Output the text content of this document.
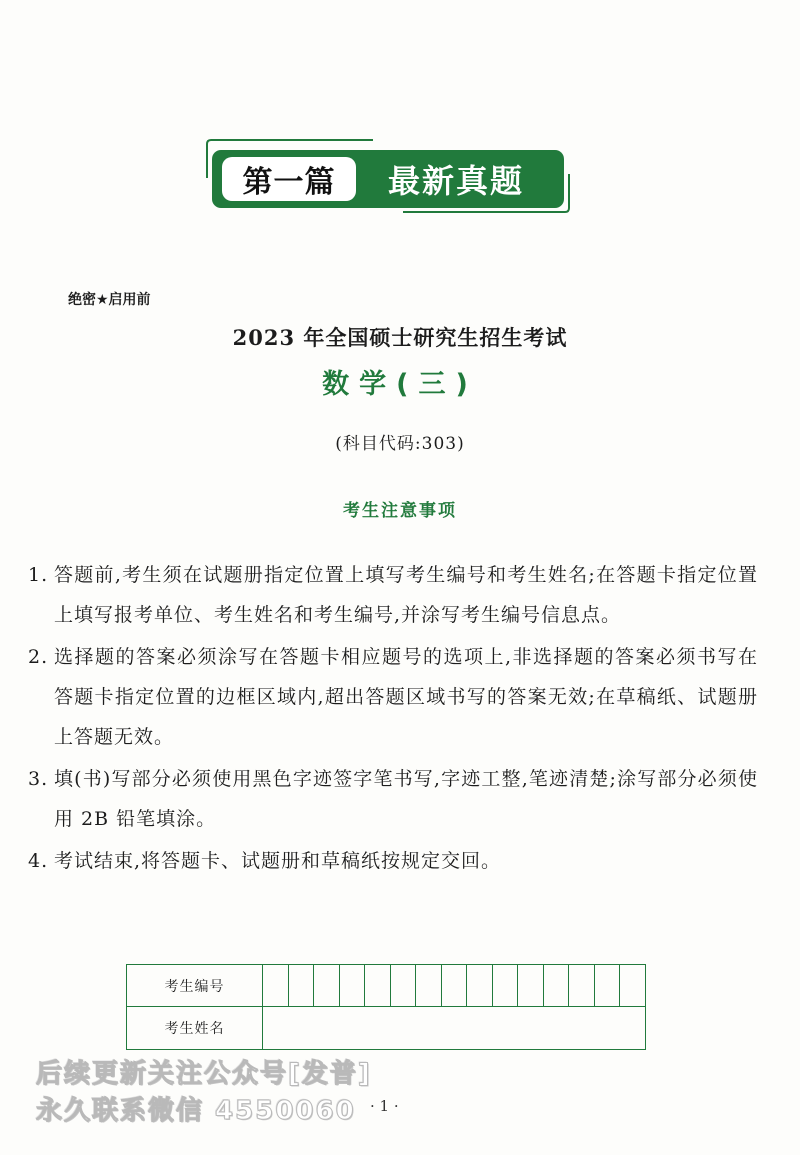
第一篇	最新真题
绝密★启用前
2023 年全国硕士研究生招生考试
数学(三)
(科目代码:303)
考生注意事项
1. 答题前,考生须在试题册指定位置上填写考生编号和考生姓名;在答题卡指定位置上填写报考单位、考生姓名和考生编号,并涂写考生编号信息点。
2. 选择题的答案必须涂写在答题卡相应题号的选项上,非选择题的答案必须书写在答题卡指定位置的边框区域内,超出答题区域书写的答案无效;在草稿纸、试题册上答题无效。
3. 填(书)写部分必须使用黑色字迹签字笔书写,字迹工整,笔迹清楚;涂写部分必须使用 2B 铅笔填涂。
4. 考试结束,将答题卡、试题册和草稿纸按规定交回。
考生编号
考生姓名
后续更新关注公众号[发普]
永久联系微信 4550060 · 1 ·
